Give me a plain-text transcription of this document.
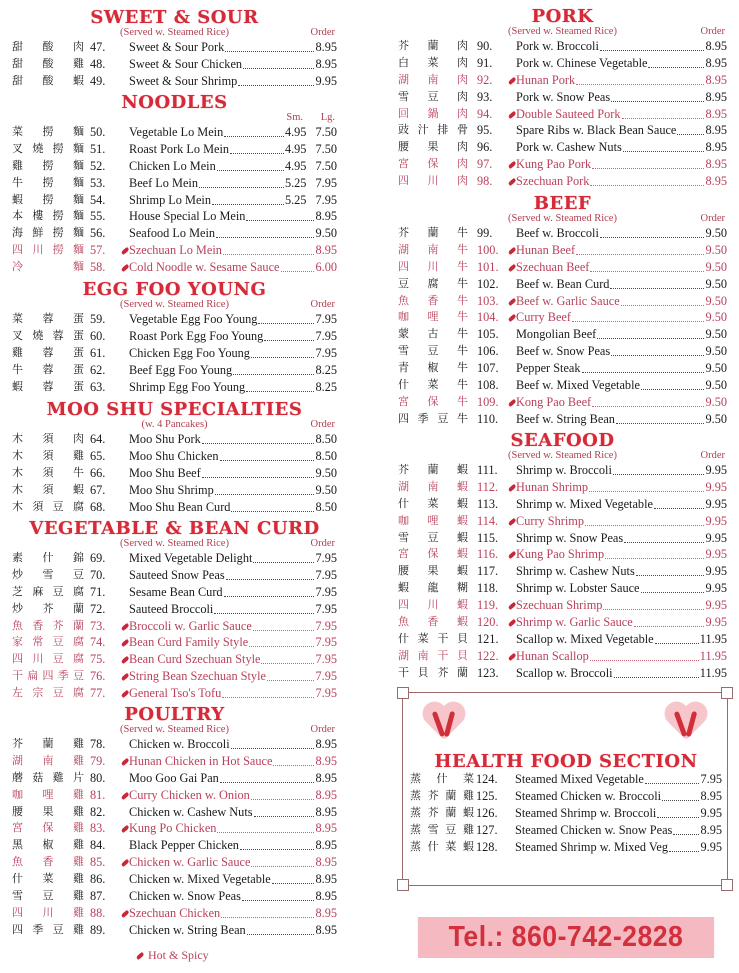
SWEET & SOUR
(Served w. Steamed Rice)	Order
甜酸肉 47.	Sweet & Sour Pork	8.95
甜酸雞 48.	Sweet & Sour Chicken	8.95
甜酸蝦 49.	Sweet & Sour Shrimp	9.95
NOODLES
Sm. Lg.
菜撈麵 50.	Vegetable Lo Mein	4.95 7.50
叉燒撈麵 51.	Roast Pork Lo Mein	4.95 7.50
雞撈麵 52.	Chicken Lo Mein	4.95 7.50
牛撈麵 53.	Beef Lo Mein	5.25 7.95
蝦撈麵 54.	Shrimp Lo Mein	5.25 7.95
本樓撈麵 55.	House Special Lo Mein	8.95
海鮮撈麵 56.	Seafood Lo Mein	9.50
四川撈麵 57.	Szechuan Lo Mein	8.95
冷麵 58.	Cold Noodle w. Sesame Sauce	6.00
EGG FOO YOUNG
(Served w. Steamed Rice)	Order
菜蓉蛋 59.	Vegetable Egg Foo Young	7.95
叉燒蓉蛋 60.	Roast Pork Egg Foo Young	7.95
雞蓉蛋 61.	Chicken Egg Foo Young	7.95
牛蓉蛋 62.	Beef Egg Foo Young	8.25
蝦蓉蛋 63.	Shrimp Egg Foo Young	8.25
MOO SHU SPECIALTIES
(w. 4 Pancakes)	Order
木須肉 64.	Moo Shu Pork	8.50
木須雞 65.	Moo Shu Chicken	8.50
木須牛 66.	Moo Shu Beef	9.50
木須蝦 67.	Moo Shu Shrimp	9.50
木須豆腐 68.	Moo Shu Bean Curd	8.50
VEGETABLE & BEAN CURD
(Served w. Steamed Rice)	Order
素什錦 69.	Mixed Vegetable Delight	7.95
炒雪豆 70.	Sauteed Snow Peas	7.95
芝麻豆腐 71.	Sesame Bean Curd	7.95
炒芥蘭 72.	Sauteed Broccoli	7.95
魚香芥蘭 73.	Broccoli w. Garlic Sauce	7.95
家常豆腐 74.	Bean Curd Family Style	7.95
四川豆腐 75.	Bean Curd Szechuan Style	7.95
干扁四季豆 76.	String Bean Szechuan Style	7.95
左宗豆腐 77.	General Tso's Tofu	7.95
POULTRY
(Served w. Steamed Rice)	Order
芥蘭雞 78.	Chicken w. Broccoli	8.95
湖南雞 79.	Hunan Chicken in Hot Sauce	8.95
蘑菇雞片 80.	Moo Goo Gai Pan	8.95
咖哩雞 81.	Curry Chicken w. Onion	8.95
腰果雞 82.	Chicken w. Cashew Nuts	8.95
宮保雞 83.	Kung Po Chicken	8.95
黑椒雞 84.	Black Pepper Chicken	8.95
魚香雞 85.	Chicken w. Garlic Sauce	8.95
什菜雞 86.	Chicken w. Mixed Vegetable	8.95
雪豆雞 87.	Chicken w. Snow Peas	8.95
四川雞 88.	Szechuan Chicken	8.95
四季豆雞 89.	Chicken w. String Bean	8.95
PORK
(Served w. Steamed Rice)	Order
芥蘭肉 90.	Pork w. Broccoli	8.95
白菜肉 91.	Pork w. Chinese Vegetable	8.95
湖南肉 92.	Hunan Pork	8.95
雪豆肉 93.	Pork w. Snow Peas	8.95
回鍋肉 94.	Double Sauteed Pork	8.95
豉汁排骨 95.	Spare Ribs w. Black Bean Sauce 8.95
腰果肉 96.	Pork w. Cashew Nuts	8.95
宮保肉 97.	Kung Pao Pork	8.95
四川肉 98.	Szechuan Pork	8.95
BEEF
(Served w. Steamed Rice)	Order
芥蘭牛 99.	Beef w. Broccoli	9.50
湖南牛 100.	Hunan Beef	9.50
四川牛 101.	Szechuan Beef	9.50
豆腐牛 102.	Beef w. Bean Curd	9.50
魚香牛 103.	Beef w. Garlic Sauce	9.50
咖哩牛 104.	Curry Beef	9.50
蒙古牛 105.	Mongolian Beef	9.50
雪豆牛 106.	Beef w. Snow Peas	9.50
青椒牛 107.	Pepper Steak	9.50
什菜牛 108.	Beef w. Mixed Vegetable	9.50
宮保牛 109.	Kong Pao Beef	9.50
四季豆牛 110.	Beef w. String Bean	9.50
SEAFOOD
(Served w. Steamed Rice)	Order
芥蘭蝦 111.	Shrimp w. Broccoli	9.95
湖南蝦 112.	Hunan Shrimp	9.95
什菜蝦 113.	Shrimp w. Mixed Vegetable	9.95
咖哩蝦 114.	Curry Shrimp	9.95
雪豆蝦 115.	Shrimp w. Snow Peas	9.95
宮保蝦 116.	Kung Pao Shrimp	9.95
腰果蝦 117.	Shrimp w. Cashew Nuts	9.95
蝦龍糊 118.	Shrimp w. Lobster Sauce	9.95
四川蝦 119.	Szechuan Shrimp	9.95
魚香蝦 120.	Shrimp w. Garlic Sauce	9.95
什菜干貝 121.	Scallop w. Mixed Vegetable	11.95
湖南干貝 122.	Hunan Scallop	11.95
干貝芥蘭 123.	Scallop w. Broccoli	11.95
HEALTH FOOD SECTION
蒸什菜 124.	Steamed Mixed Vegetable	7.95
蒸芥蘭雞 125.	Steamed Chicken w. Broccoli	8.95
蒸芥蘭蝦 126.	Steamed Shrimp w. Broccoli	9.95
蒸雪豆雞 127.	Steamed Chicken w. Snow Peas 8.95
蒸什菜蝦 128.	Steamed Shrimp w. Mixed Veg	9.95
Hot & Spicy
Tel.: 860-742-2828
